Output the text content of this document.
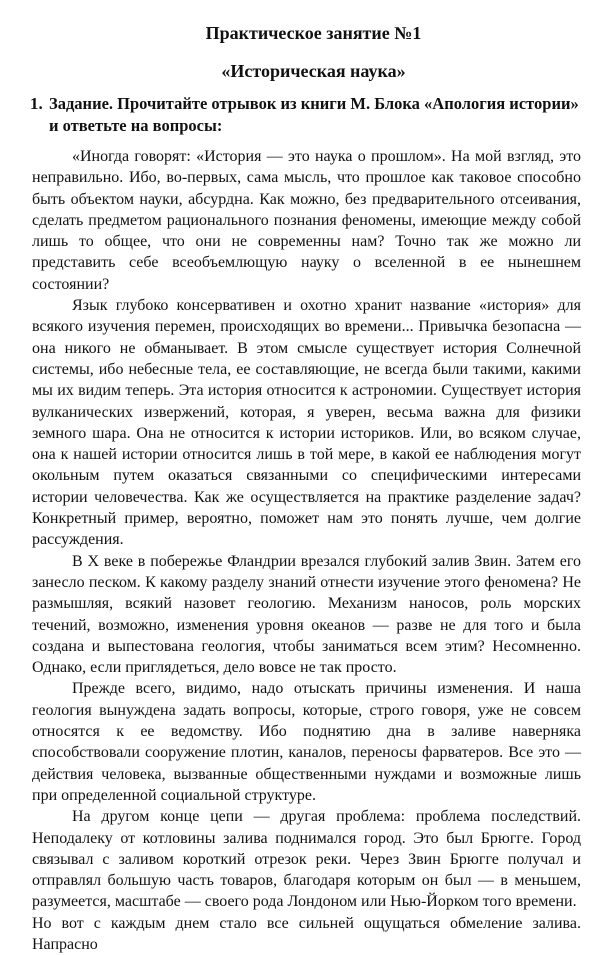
Практическое занятие №1
«Историческая наука»
1. Задание. Прочитайте отрывок из книги М. Блока «Апология истории» и ответьте на вопросы:

«Иногда говорят: «История — это наука о прошлом». На мой взгляд, это неправильно. Ибо, во-первых, сама мысль, что прошлое как таковое способно быть объектом науки, абсурдна. Как можно, без предварительного отсеивания, сделать предметом рационального познания феномены, имеющие между собой лишь то общее, что они не современны нам? Точно так же можно ли представить себе всеобъемлющую науку о вселенной в ее нынешнем состоянии?

Язык глубоко консервативен и охотно хранит название «история» для всякого изучения перемен, происходящих во времени... Привычка безопасна — она никого не обманывает. В этом смысле существует история Солнечной системы, ибо небесные тела, ее составляющие, не всегда были такими, какими мы их видим теперь. Эта история относится к астрономии. Существует история вулканических извержений, которая, я уверен, весьма важна для физики земного шара. Она не относится к истории историков. Или, во всяком случае, она к нашей истории относится лишь в той мере, в какой ее наблюдения могут окольным путем оказаться связанными со специфическими интересами истории человечества. Как же осуществляется на практике разделение задач? Конкретный пример, вероятно, поможет нам это понять лучше, чем долгие рассуждения.

В X веке в побережье Фландрии врезался глубокий залив Звин. Затем его занесло песком. К какому разделу знаний отнести изучение этого феномена? Не размышляя, всякий назовет геологию. Механизм наносов, роль морских течений, возможно, изменения уровня океанов — разве не для того и была создана и выпестована геология, чтобы заниматься всем этим? Несомненно. Однако, если приглядеться, дело вовсе не так просто.

Прежде всего, видимо, надо отыскать причины изменения. И наша геология вынуждена задать вопросы, которые, строго говоря, уже не совсем относятся к ее ведомству. Ибо поднятию дна в заливе наверняка способствовали сооружение плотин, каналов, переносы фарватеров. Все это — действия человека, вызванные общественными нуждами и возможные лишь при определенной социальной структуре.

На другом конце цепи — другая проблема: проблема последствий. Неподалеку от котловины залива поднимался город. Это был Брюгге. Город связывал с заливом короткий отрезок реки. Через Звин Брюгге получал и отправлял большую часть товаров, благодаря которым он был — в меньшем, разумеется, масштабе — своего рода Лондоном или Нью-Йорком того времени.

Но вот с каждым днем стало все сильней ощущаться обмеление залива. Напрасно
